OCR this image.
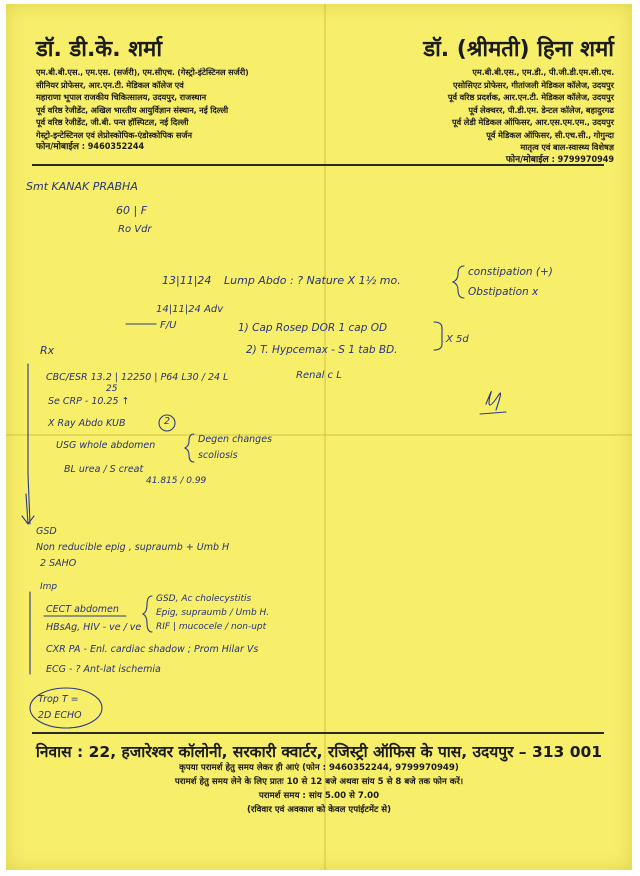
डॉ. डी.के. शर्मा
एम.बी.बी.एस., एम.एस. (सर्जरी), एम.सीएच. (गेस्ट्रो-इंटेस्टिनल सर्जरी)
सीनियर प्रोफेसर, आर.एन.टी. मेडिकल कॉलेज एवं
महाराणा भूपाल राजकीय चिकित्सालय, उदयपुर, राजस्थान
पूर्व वरिष्ठ रेजीडेंट, अखिल भारतीय आयुर्विज्ञान संस्थान, नई दिल्ली
पूर्व वरिष्ठ रेजीडेंट, जी.बी. पन्त हॉस्पिटल, नई दिल्ली
गेस्ट्रो-इन्टेस्टिनल एवं लेप्रोस्कोपिक-एंडोस्कोपिक सर्जन
फोन/मोबाईल : 9460352244
डॉ. (श्रीमती) हिना शर्मा
एम.बी.बी.एस., एम.डी., पी.जी.डी.एम.सी.एच.
एसोसिएट प्रोफेसर, गीतांजली मेडिकल कॉलेज, उदयपुर
पूर्व वरिष्ठ प्रदर्शक, आर.एन.टी. मेडिकल कॉलेज, उदयपुर
पूर्व लेक्चरर, पी.डी.एम. डेन्टल कॉलेज, बहादुरगढ
पूर्व लेडी मेडिकल ऑफिसर, आर.एस.एम.एम., उदयपुर
पूर्व मेडिकल ऑफिसर, सी.एच.सी., गोगुन्दा
मातृत्व एवं बाल-स्वास्थ्य विशेषज्ञ
फोन/मोबाईल : 9799970949
Smt KANAK PRABHA
60 | F
Ro Vdr
13|11|24 Lump Abdo : ? Nature X 1½ mo.
constipation (+)
Obstipation x
14|11|24 Adv
F/U	1) Cap Rosep DOR 1 cap OD
2) T. Hypcemax - S 1 tab BD.
X 5d
Rx
CBC/ESR 13.2 | 12250 | P64 L30 / 24 L
25
Renal c L
Se CRP - 10.25 ↑
X Ray Abdo KUB	2
USG whole abdomen
Degen changes
scoliosis
BL urea / S creat
41.815 / 0.99
GSD
Non reducible epig , supraumb + Umb H
2 SAHO
Imp
CECT abdomen
GSD, Ac cholecystitis
Epig, supraumb / Umb H.
RIF | mucocele / non-upt
HBsAg, HIV - ve / ve
CXR PA - Enl. cardiac shadow ; Prom Hilar Vs
ECG - ? Ant-lat ischemia
Trop T =
2D ECHO
निवास : 22, हजारेश्वर कॉलोनी, सरकारी क्वार्टर, रजिस्ट्री ऑफिस के पास, उदयपुर – 313 001
कृपया परामर्श हेतु समय लेकर ही आएं (फोन : 9460352244, 9799970949)
परामर्श हेतु समय लेने के लिए प्रातः 10 से 12 बजे अथवा सांय 5 से 8 बजे तक फोन करें।
परामर्श समय : सांय 5.00 से 7.00
(रविवार एवं अवकाश को केवल एपांईटमेंट से)
